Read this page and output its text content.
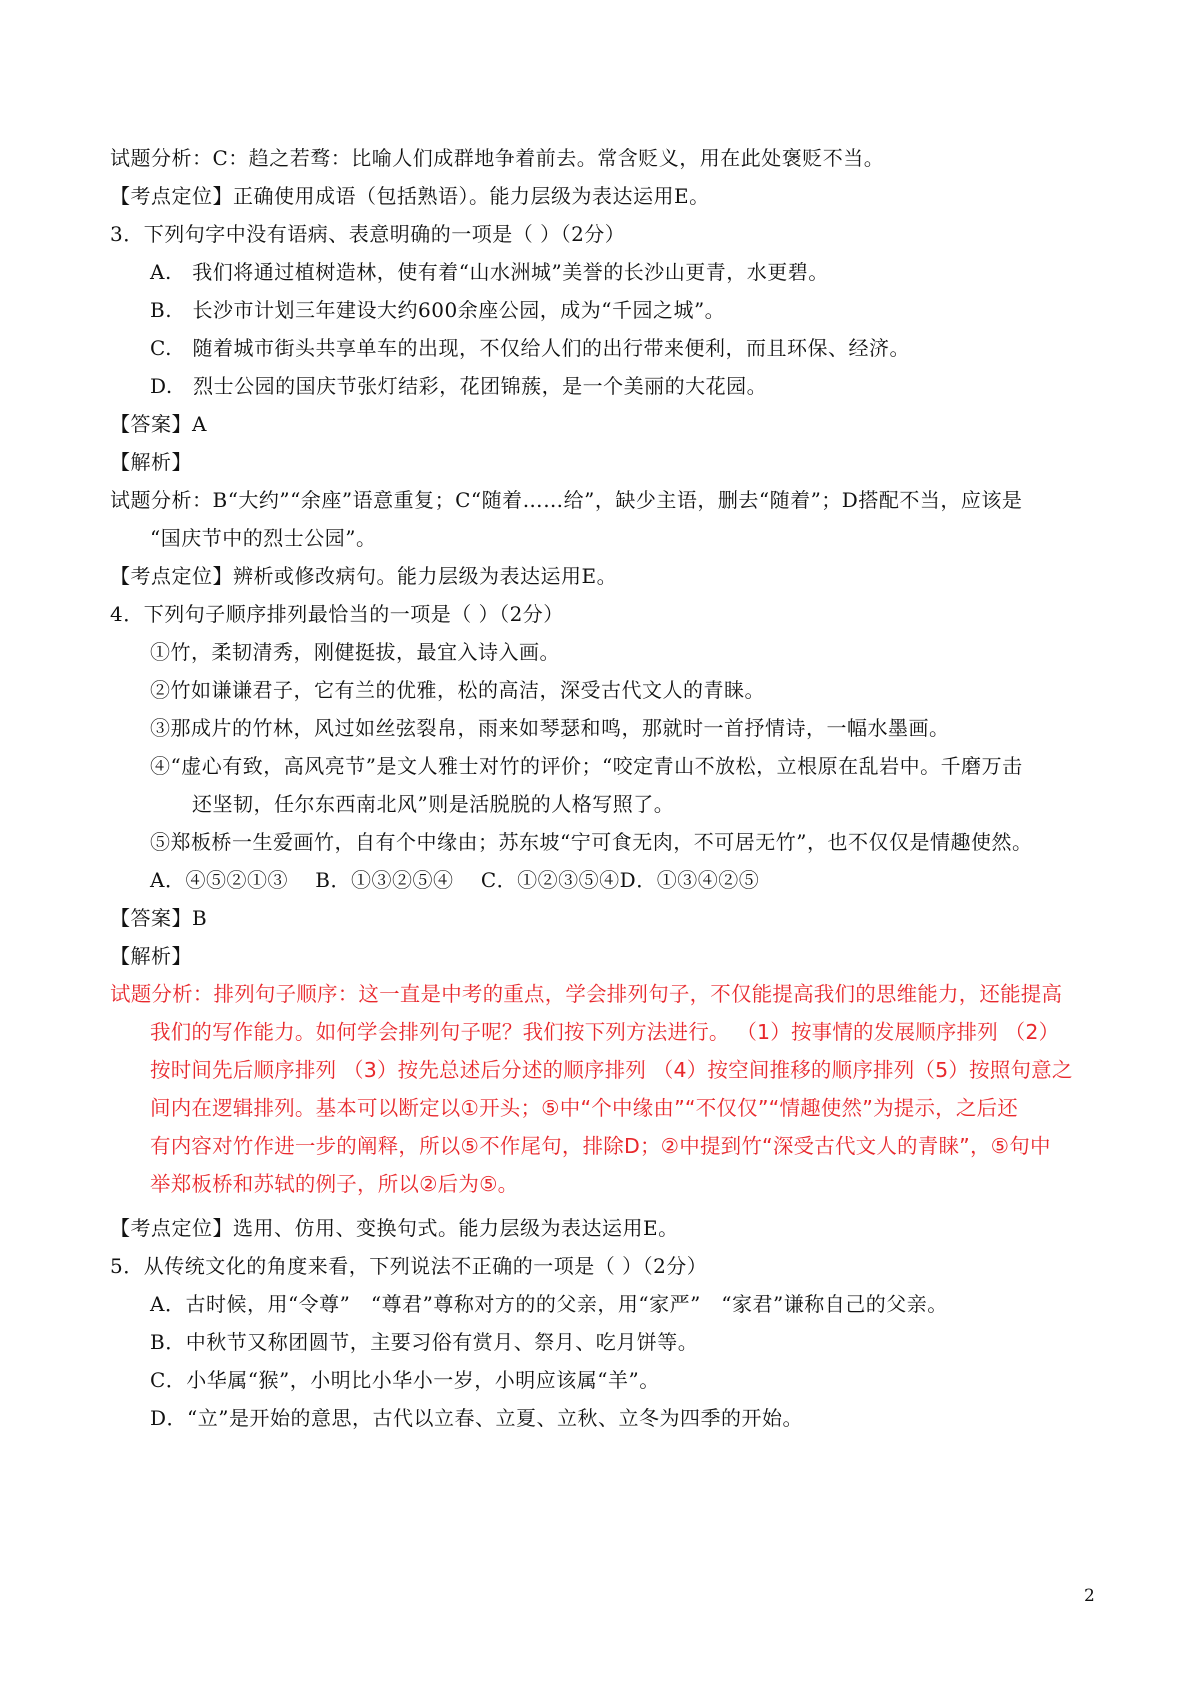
试题分析：C：趋之若骛：比喻人们成群地争着前去。常含贬义，用在此处褒贬不当。
【考点定位】正确使用成语（包括熟语）。能力层级为表达运用E。
3．下列句字中没有语病、表意明确的一项是（ ）（2分）
A.　我们将通过植树造林，使有着“山水洲城”美誉的长沙山更青，水更碧。
B.　长沙市计划三年建设大约600余座公园，成为“千园之城”。
C.　随着城市街头共享单车的出现，不仅给人们的出行带来便利，而且环保、经济。
D.　烈士公园的国庆节张灯结彩，花团锦蔟，是一个美丽的大花园。
【答案】A
【解析】
试题分析：B“大约”“余座”语意重复；C“随着……给”，缺少主语，删去“随着”；D搭配不当，应该是
“国庆节中的烈士公园”。
【考点定位】辨析或修改病句。能力层级为表达运用E。
4．下列句子顺序排列最恰当的一项是（ ）（2分）
①竹，柔韧清秀，刚健挺拔，最宜入诗入画。
②竹如谦谦君子，它有兰的优雅，松的高洁，深受古代文人的青睐。
③那成片的竹林，风过如丝弦裂帛，雨来如琴瑟和鸣，那就时一首抒情诗，一幅水墨画。
④“虚心有致，高风亮节”是文人雅士对竹的评价；“咬定青山不放松，立根原在乱岩中。千磨万击
还坚韧，任尔东西南北风”则是活脱脱的人格写照了。
⑤郑板桥一生爱画竹，自有个中缘由；苏东坡“宁可食无肉，不可居无竹”，也不仅仅是情趣使然。
A．④⑤②①③　 B．①③②⑤④　 C．①②③⑤④D．①③④②⑤
【答案】B
【解析】
试题分析：排列句子顺序：这一直是中考的重点，学会排列句子，不仅能提高我们的思维能力，还能提高
我们的写作能力。如何学会排列句子呢？我们按下列方法进行。 （1）按事情的发展顺序排列 （2）
按时间先后顺序排列 （3）按先总述后分述的顺序排列 （4）按空间推移的顺序排列（5）按照句意之
间内在逻辑排列。基本可以断定以①开头；⑤中“个中缘由”“不仅仅”“情趣使然”为提示，之后还
有内容对竹作进一步的阐释，所以⑤不作尾句，排除D；②中提到竹“深受古代文人的青睐”，⑤句中
举郑板桥和苏轼的例子，所以②后为⑤。
【考点定位】选用、仿用、变换句式。能力层级为表达运用E。
5．从传统文化的角度来看，下列说法不正确的一项是（ ）（2分）
A．古时候，用“令尊”　“尊君”尊称对方的的父亲，用“家严”　“家君”谦称自己的父亲。
B．中秋节又称团圆节，主要习俗有赏月、祭月、吃月饼等。
C．小华属“猴”，小明比小华小一岁，小明应该属“羊”。
D．“立”是开始的意思，古代以立春、立夏、立秋、立冬为四季的开始。
2
